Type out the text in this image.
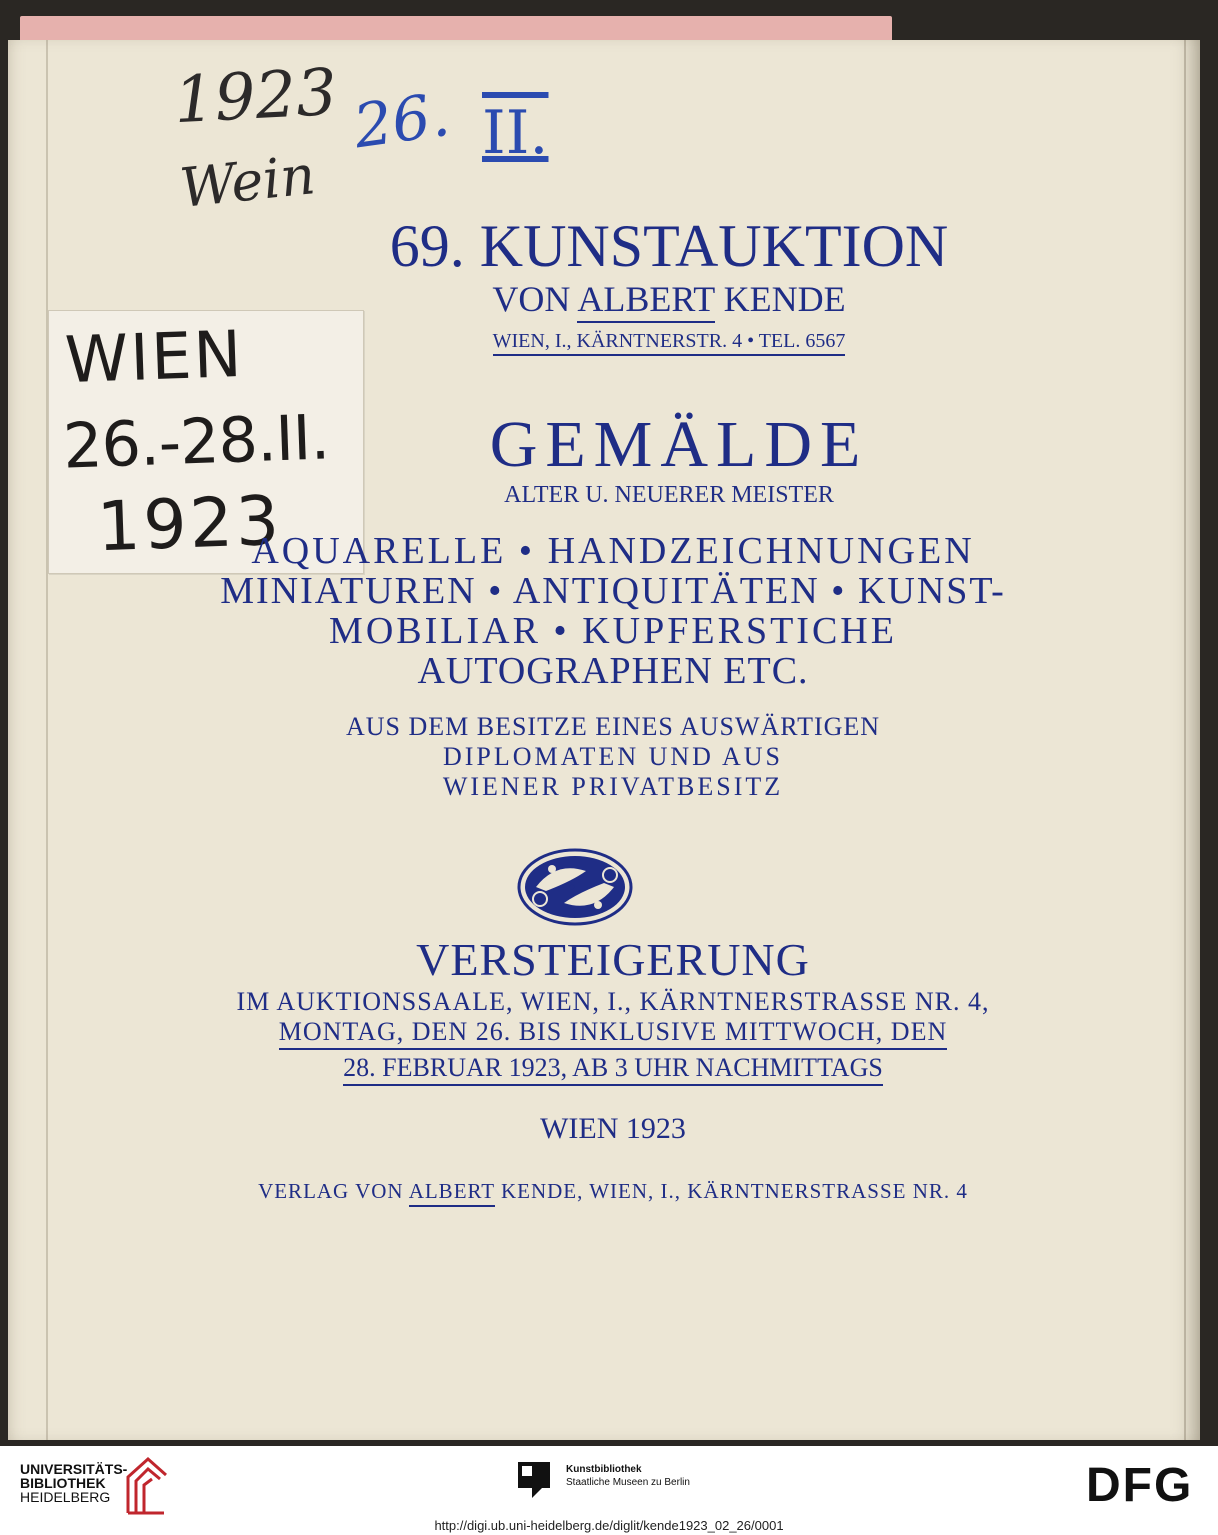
1923
Wein
26. II.
WIEN
26.-28.II.
1923
69. KUNSTAUKTION
VON ALBERT KENDE
WIEN, I., KÄRNTNERSTR. 4 • TEL. 6567
GEMÄLDE
ALTER U. NEUERER MEISTER
AQUARELLE • HANDZEICHNUNGEN
MINIATUREN • ANTIQUITÄTEN • KUNST-
MOBILIAR • KUPFERSTICHE
AUTOGRAPHEN ETC.
AUS DEM BESITZE EINES AUSWÄRTIGEN
DIPLOMATEN UND AUS
WIENER PRIVATBESITZ
VERSTEIGERUNG
IM AUKTIONSSAALE, WIEN, I., KÄRNTNERSTRASSE NR. 4,
MONTAG, DEN 26. BIS INKLUSIVE MITTWOCH, DEN
28. FEBRUAR 1923, AB 3 UHR NACHMITTAGS
WIEN 1923
VERLAG VON ALBERT KENDE, WIEN, I., KÄRNTNERSTRASSE NR. 4
UNIVERSITÄTS-
BIBLIOTHEK
HEIDELBERG
Kunstbibliothek
Staatliche Museen zu Berlin	DFG
http://digi.ub.uni-heidelberg.de/diglit/kende1923_02_26/0001
